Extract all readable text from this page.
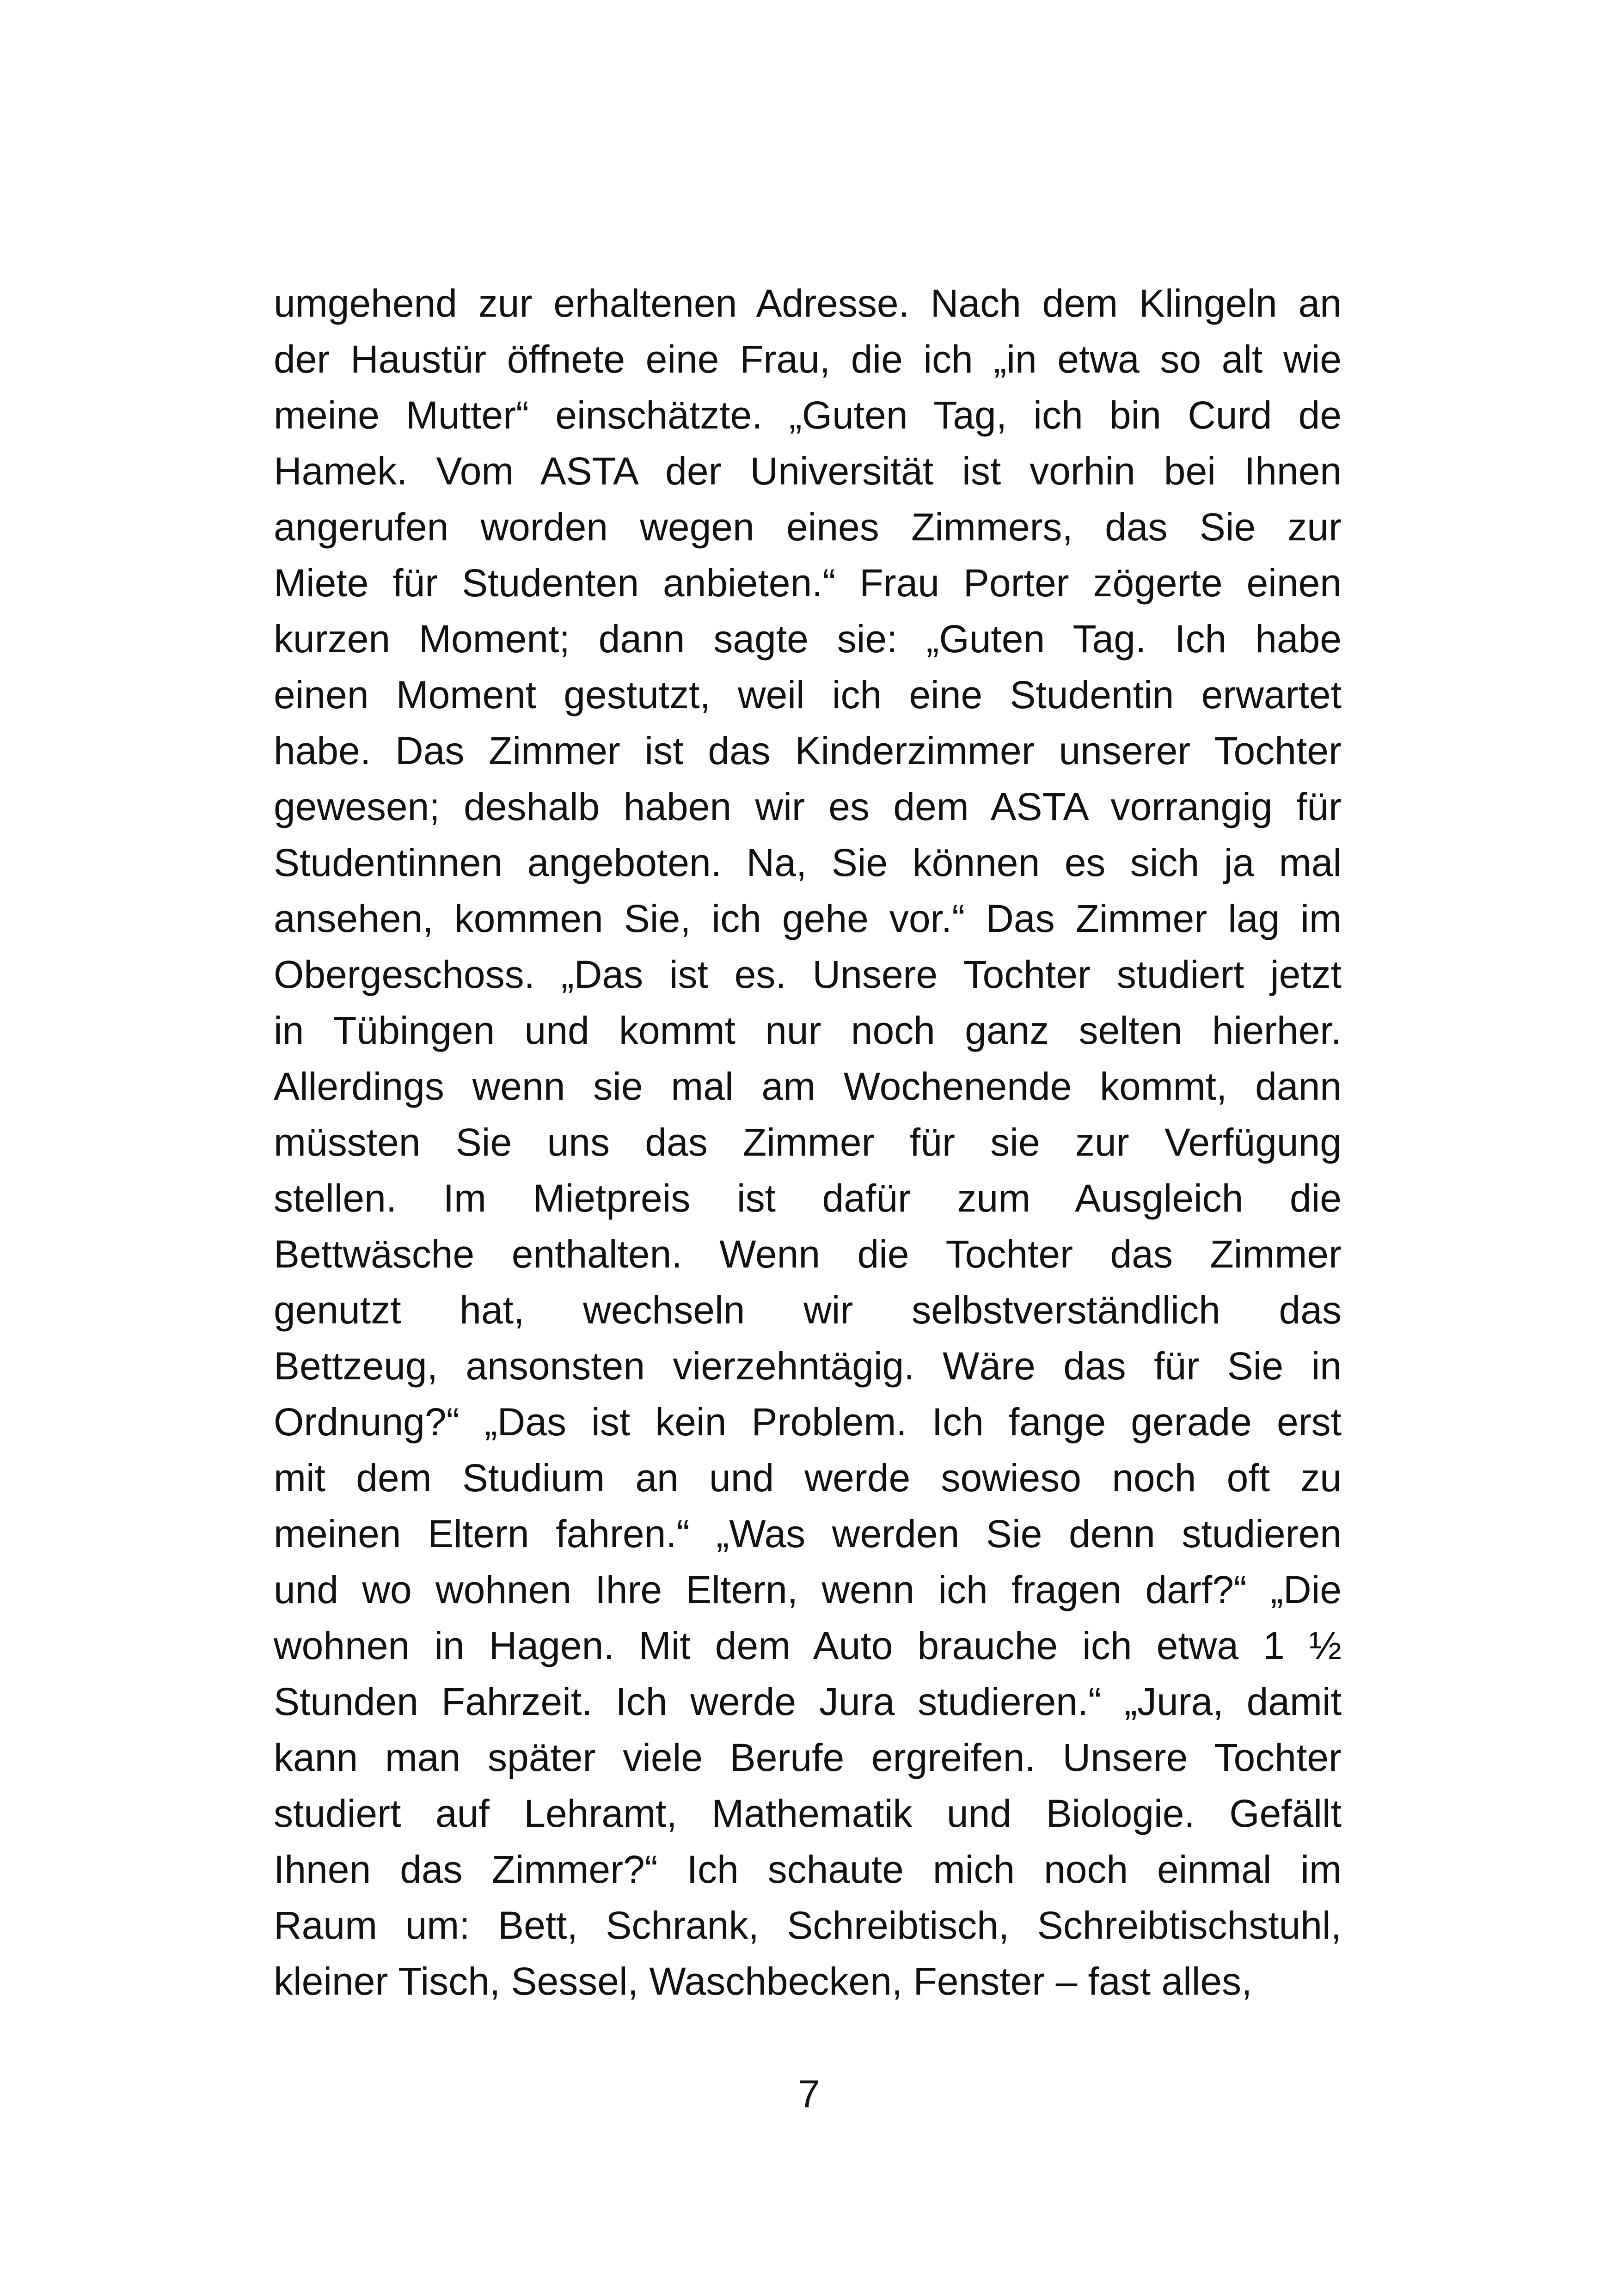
umgehend zur erhaltenen Adresse. Nach dem Klingeln an
der Haustür öffnete eine Frau, die ich „in etwa so alt wie
meine Mutter“ einschätzte. „Guten Tag, ich bin Curd de
Hamek. Vom ASTA der Universität ist vorhin bei Ihnen
angerufen worden wegen eines Zimmers, das Sie zur
Miete für Studenten anbieten.“ Frau Porter zögerte einen
kurzen Moment; dann sagte sie: „Guten Tag. Ich habe
einen Moment gestutzt, weil ich eine Studentin erwartet
habe. Das Zimmer ist das Kinderzimmer unserer Tochter
gewesen; deshalb haben wir es dem ASTA vorrangig für
Studentinnen angeboten. Na, Sie können es sich ja mal
ansehen, kommen Sie, ich gehe vor.“ Das Zimmer lag im
Obergeschoss. „Das ist es. Unsere Tochter studiert jetzt
in Tübingen und kommt nur noch ganz selten hierher.
Allerdings wenn sie mal am Wochenende kommt, dann
müssten Sie uns das Zimmer für sie zur Verfügung
stellen. Im Mietpreis ist dafür zum Ausgleich die
Bettwäsche enthalten. Wenn die Tochter das Zimmer
genutzt hat, wechseln wir selbstverständlich das
Bettzeug, ansonsten vierzehntägig. Wäre das für Sie in
Ordnung?“ „Das ist kein Problem. Ich fange gerade erst
mit dem Studium an und werde sowieso noch oft zu
meinen Eltern fahren.“ „Was werden Sie denn studieren
und wo wohnen Ihre Eltern, wenn ich fragen darf?“ „Die
wohnen in Hagen. Mit dem Auto brauche ich etwa 1 ½
Stunden Fahrzeit. Ich werde Jura studieren.“ „Jura, damit
kann man später viele Berufe ergreifen. Unsere Tochter
studiert auf Lehramt, Mathematik und Biologie. Gefällt
Ihnen das Zimmer?“ Ich schaute mich noch einmal im
Raum um: Bett, Schrank, Schreibtisch, Schreibtischstuhl,
kleiner Tisch, Sessel, Waschbecken, Fenster – fast alles,
7
